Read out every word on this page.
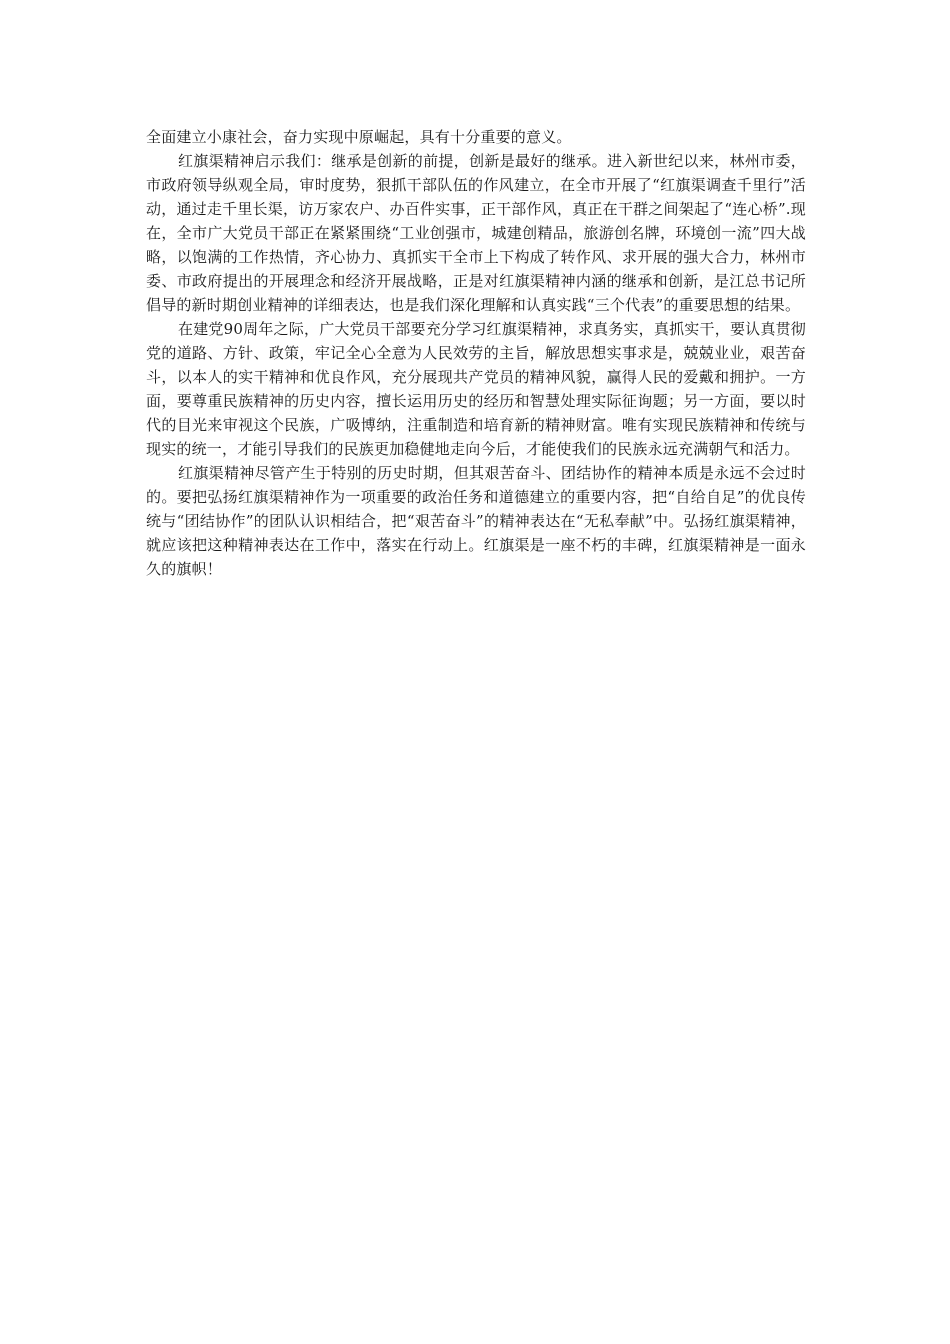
全面建立小康社会，奋力实现中原崛起，具有十分重要的意义。

红旗渠精神启示我们：继承是创新的前提，创新是最好的继承。进入新世纪以来，林州市委，市政府领导纵观全局，审时度势，狠抓干部队伍的作风建立，在全市开展了“红旗渠调查千里行”活动，通过走千里长渠，访万家农户、办百件实事，正干部作风，真正在干群之间架起了“连心桥”.现在，全市广大党员干部正在紧紧围绕“工业创强市，城建创精品，旅游创名牌，环境创一流”四大战略，以饱满的工作热情，齐心协力、真抓实干全市上下构成了转作风、求开展的强大合力，林州市委、市政府提出的开展理念和经济开展战略，正是对红旗渠精神内涵的继承和创新，是江总书记所倡导的新时期创业精神的详细表达，也是我们深化理解和认真实践“三个代表”的重要思想的结果。

在建党90周年之际，广大党员干部要充分学习红旗渠精神，求真务实，真抓实干，要认真贯彻党的道路、方针、政策，牢记全心全意为人民效劳的主旨，解放思想实事求是，兢兢业业，艰苦奋斗，以本人的实干精神和优良作风，充分展现共产党员的精神风貌，赢得人民的爱戴和拥护。一方面，要尊重民族精神的历史内容，擅长运用历史的经历和智慧处理实际征询题；另一方面，要以时代的目光来审视这个民族，广吸博纳，注重制造和培育新的精神财富。唯有实现民族精神和传统与现实的统一，才能引导我们的民族更加稳健地走向今后，才能使我们的民族永远充满朝气和活力。

红旗渠精神尽管产生于特别的历史时期，但其艰苦奋斗、团结协作的精神本质是永远不会过时的。要把弘扬红旗渠精神作为一项重要的政治任务和道德建立的重要内容，把“自给自足”的优良传统与“团结协作”的团队认识相结合，把“艰苦奋斗”的精神表达在“无私奉献”中。弘扬红旗渠精神，就应该把这种精神表达在工作中，落实在行动上。红旗渠是一座不朽的丰碑，红旗渠精神是一面永久的旗帜！
